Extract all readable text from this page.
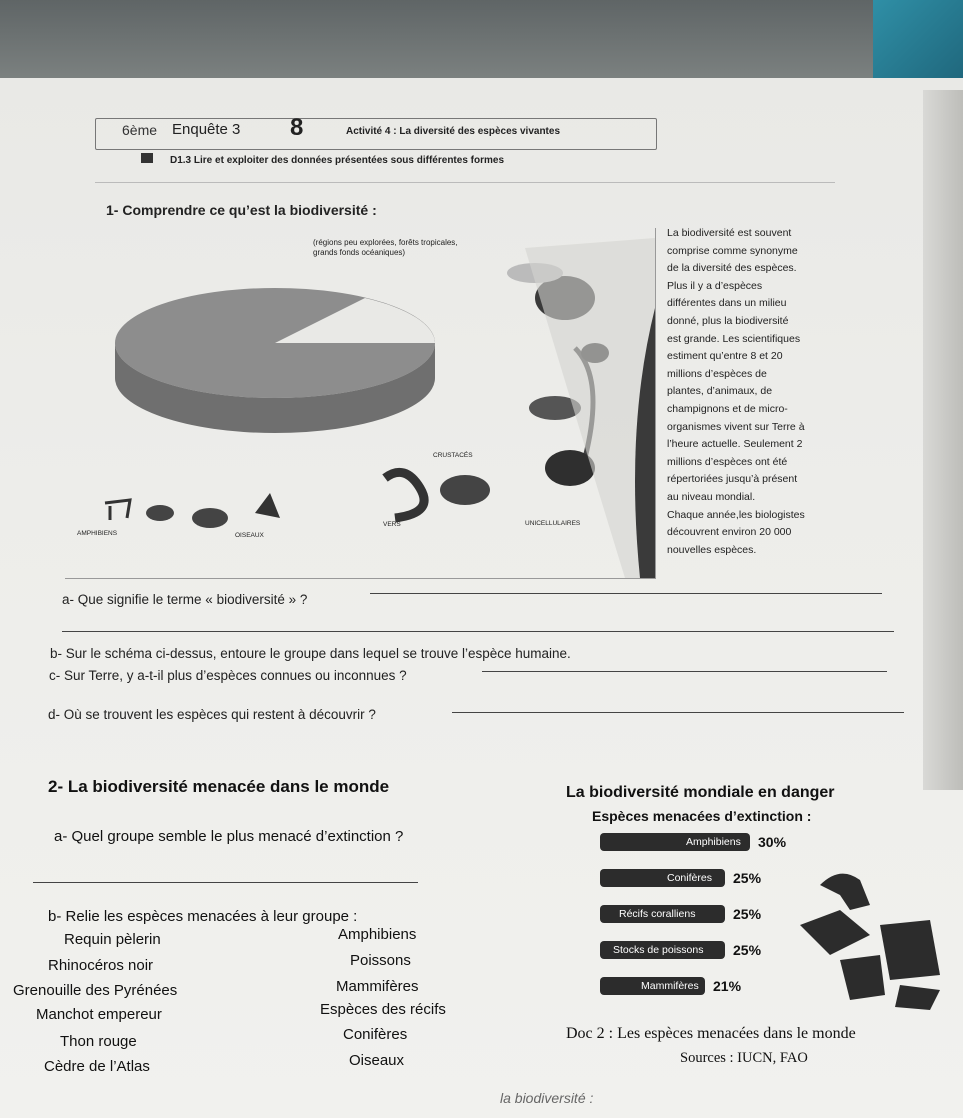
6ème Enquête 3 8	Activité 4 : La diversité des espèces vivantes
D1.3 Lire et exploiter des données présentées sous différentes formes
1- Comprendre ce qu’est la biodiversité :
(régions peu explorées, forêts tropicales, grands fonds océaniques)
CRUSTACÉS
VERS	UNICELLULAIRES
AMPHIBIENS	OISEAUX
La biodiversité est souvent
comprise comme synonyme
de la diversité des espèces.
Plus il y a d’espèces
différentes dans un milieu
donné, plus la biodiversité
est grande. Les scientifiques
estiment qu’entre 8 et 20
millions d’espèces de
plantes, d’animaux, de
champignons et de micro-
organismes vivent sur Terre à
l’heure actuelle. Seulement 2
millions d’espèces ont été
répertoriées jusqu’à présent
au niveau mondial.
Chaque année,les biologistes
découvrent environ 20 000
nouvelles espèces.
a- Que signifie le terme « biodiversité » ?
b- Sur le schéma ci-dessus, entoure le groupe dans lequel se trouve l’espèce humaine.
c- Sur Terre, y a-t-il plus d’espèces connues ou inconnues ?
d- Où se trouvent les espèces qui restent à découvrir ?
2- La biodiversité menacée dans le monde
a- Quel groupe semble le plus menacé d’extinction ?
b- Relie les espèces menacées à leur groupe :
Requin pèlerin
Rhinocéros noir
Grenouille des Pyrénées
Manchot empereur
Thon rouge
Cèdre de l’Atlas
Amphibiens
Poissons
Mammifères
Espèces des récifs
Conifères
Oiseaux
La biodiversité mondiale en danger
Espèces menacées d’extinction :
Amphibiens 30%
Conifères 25%
Récifs coralliens	25%
Stocks de poissons 25%
Mammifères 21%
Doc 2 : Les espèces menacées dans le monde
Sources : IUCN, FAO
la biodiversité :
